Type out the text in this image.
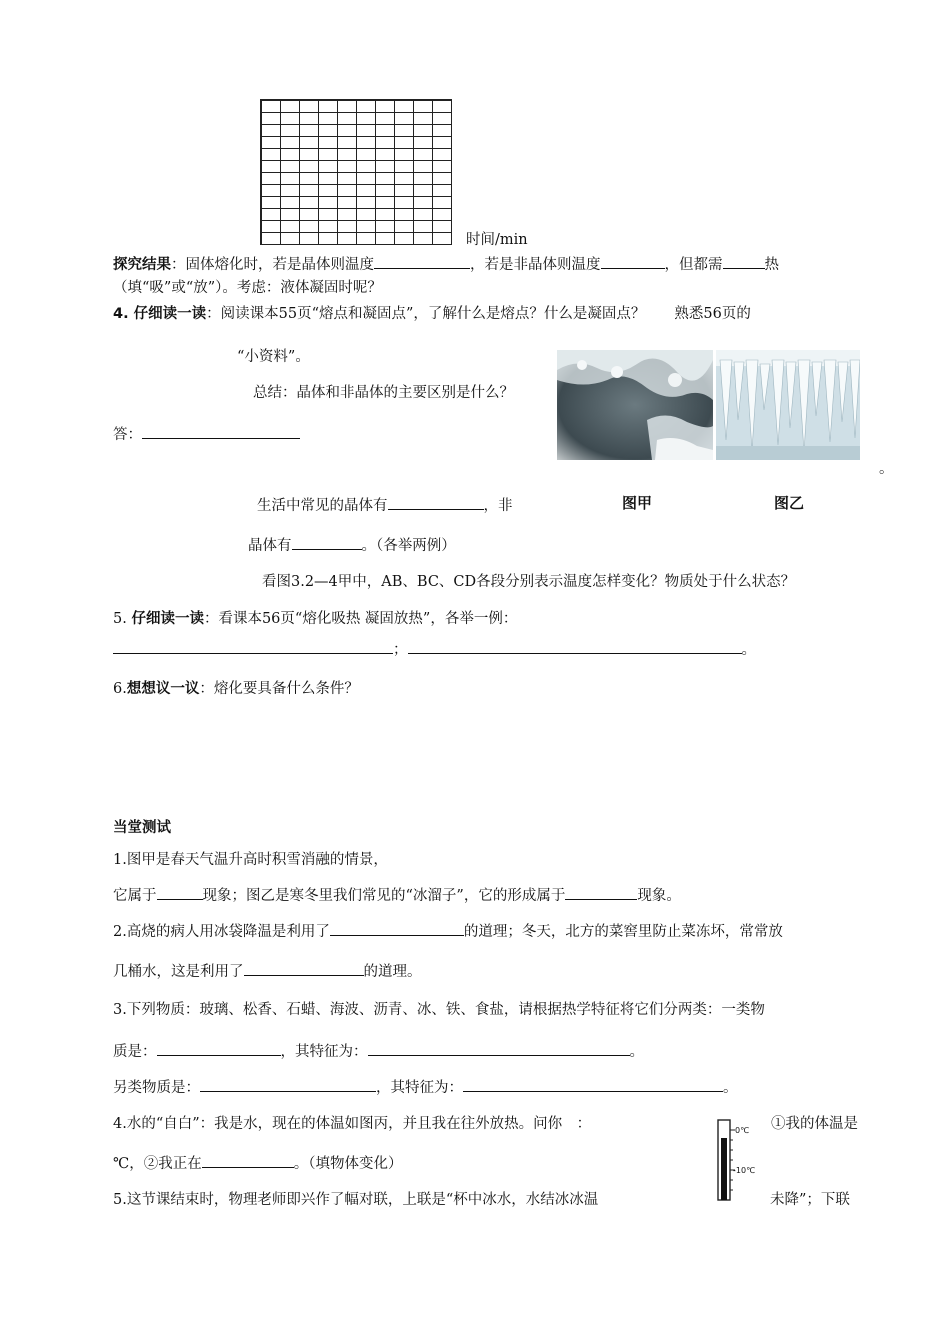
时间/min
探究结果：固体熔化时，若是晶体则温度	，若是非晶体则温度	，但都需	热
（填“吸”或“放”）。考虑：液体凝固时呢？
4. 仔细读一读：阅读课本55页“熔点和凝固点”，了解什么是熔点？什么是凝固点？　　熟悉56页的
“小资料”。
总结：晶体和非晶体的主要区别是什么？
答：
。
生活中常见的晶体有	，非	图甲	图乙
晶体有	。（各举两例）
看图3.2—4甲中，AB、BC、CD各段分别表示温度怎样变化？物质处于什么状态？
5. 仔细读一读：看课本56页“熔化吸热 凝固放热”，各举一例：
；	。
6.想想议一议：熔化要具备什么条件？
当堂测试
1.图甲是春天气温升高时积雪消融的情景，
它属于	现象；图乙是寒冬里我们常见的“冰溜子”，它的形成属于	现象。
2.高烧的病人用冰袋降温是利用了	的道理；冬天，北方的菜窖里防止菜冻坏，常常放
几桶水，这是利用了	的道理。
3.下列物质：玻璃、松香、石蜡、海波、沥青、冰、铁、食盐，请根据热学特征将它们分两类：一类物
质是：	，其特征为：	。
另类物质是：	，其特征为：	。
4.水的“自白”：我是水，现在的体温如图丙，并且我在往外放热。问你　：	①我的体温是
0℃
-10℃
℃，②我正在	。（填物体变化）
5.这节课结束时，物理老师即兴作了幅对联，上联是“杯中冰水，水结冰冰温	未降”；下联
